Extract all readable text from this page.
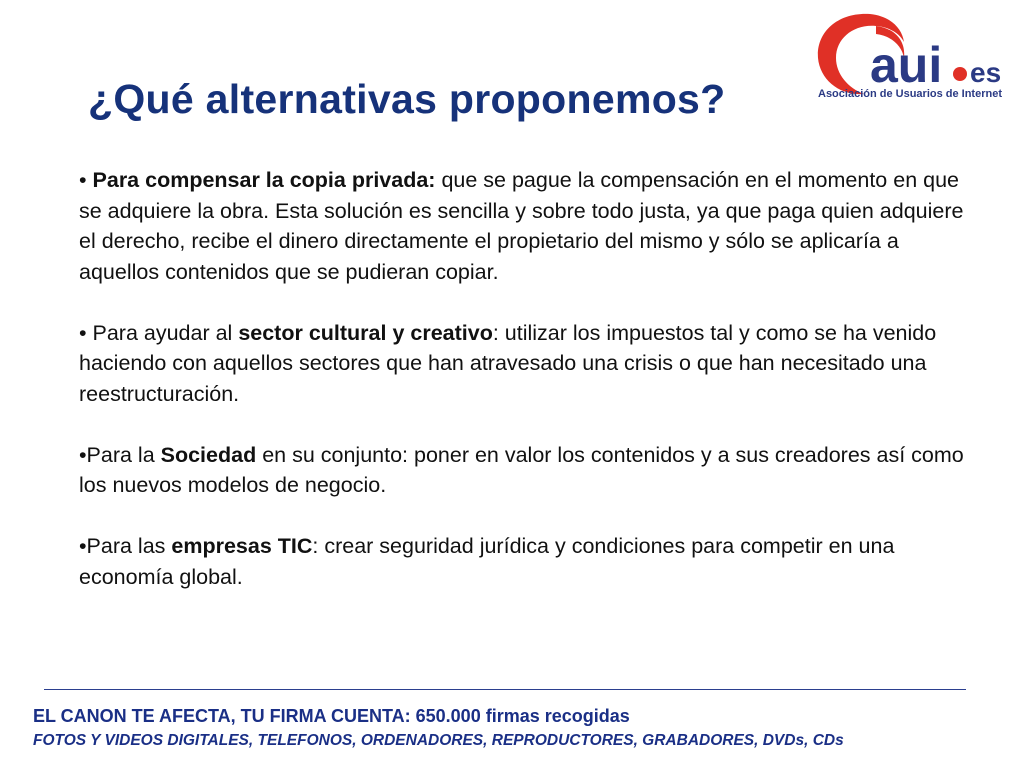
¿Qué alternativas proponemos?
aui es
Asociación de Usuarios de Internet

• Para compensar la copia privada: que se pague la compensación en el momento en que se adquiere la obra. Esta solución es sencilla y sobre todo justa, ya que paga quien adquiere el derecho, recibe el dinero directamente el propietario del mismo y sólo se aplicaría a aquellos contenidos que se pudieran copiar.

• Para ayudar al sector cultural y creativo: utilizar los impuestos tal y como se ha venido haciendo con aquellos sectores que han atravesado una crisis o que han necesitado una reestructuración.

•Para la Sociedad en su conjunto: poner en valor los contenidos y a sus creadores así como los nuevos modelos de negocio.

•Para las empresas TIC: crear seguridad jurídica y condiciones para competir en una economía global.

EL CANON TE AFECTA, TU FIRMA CUENTA: 650.000 firmas recogidas
FOTOS Y VIDEOS DIGITALES, TELEFONOS, ORDENADORES, REPRODUCTORES, GRABADORES, DVDs, CDs
